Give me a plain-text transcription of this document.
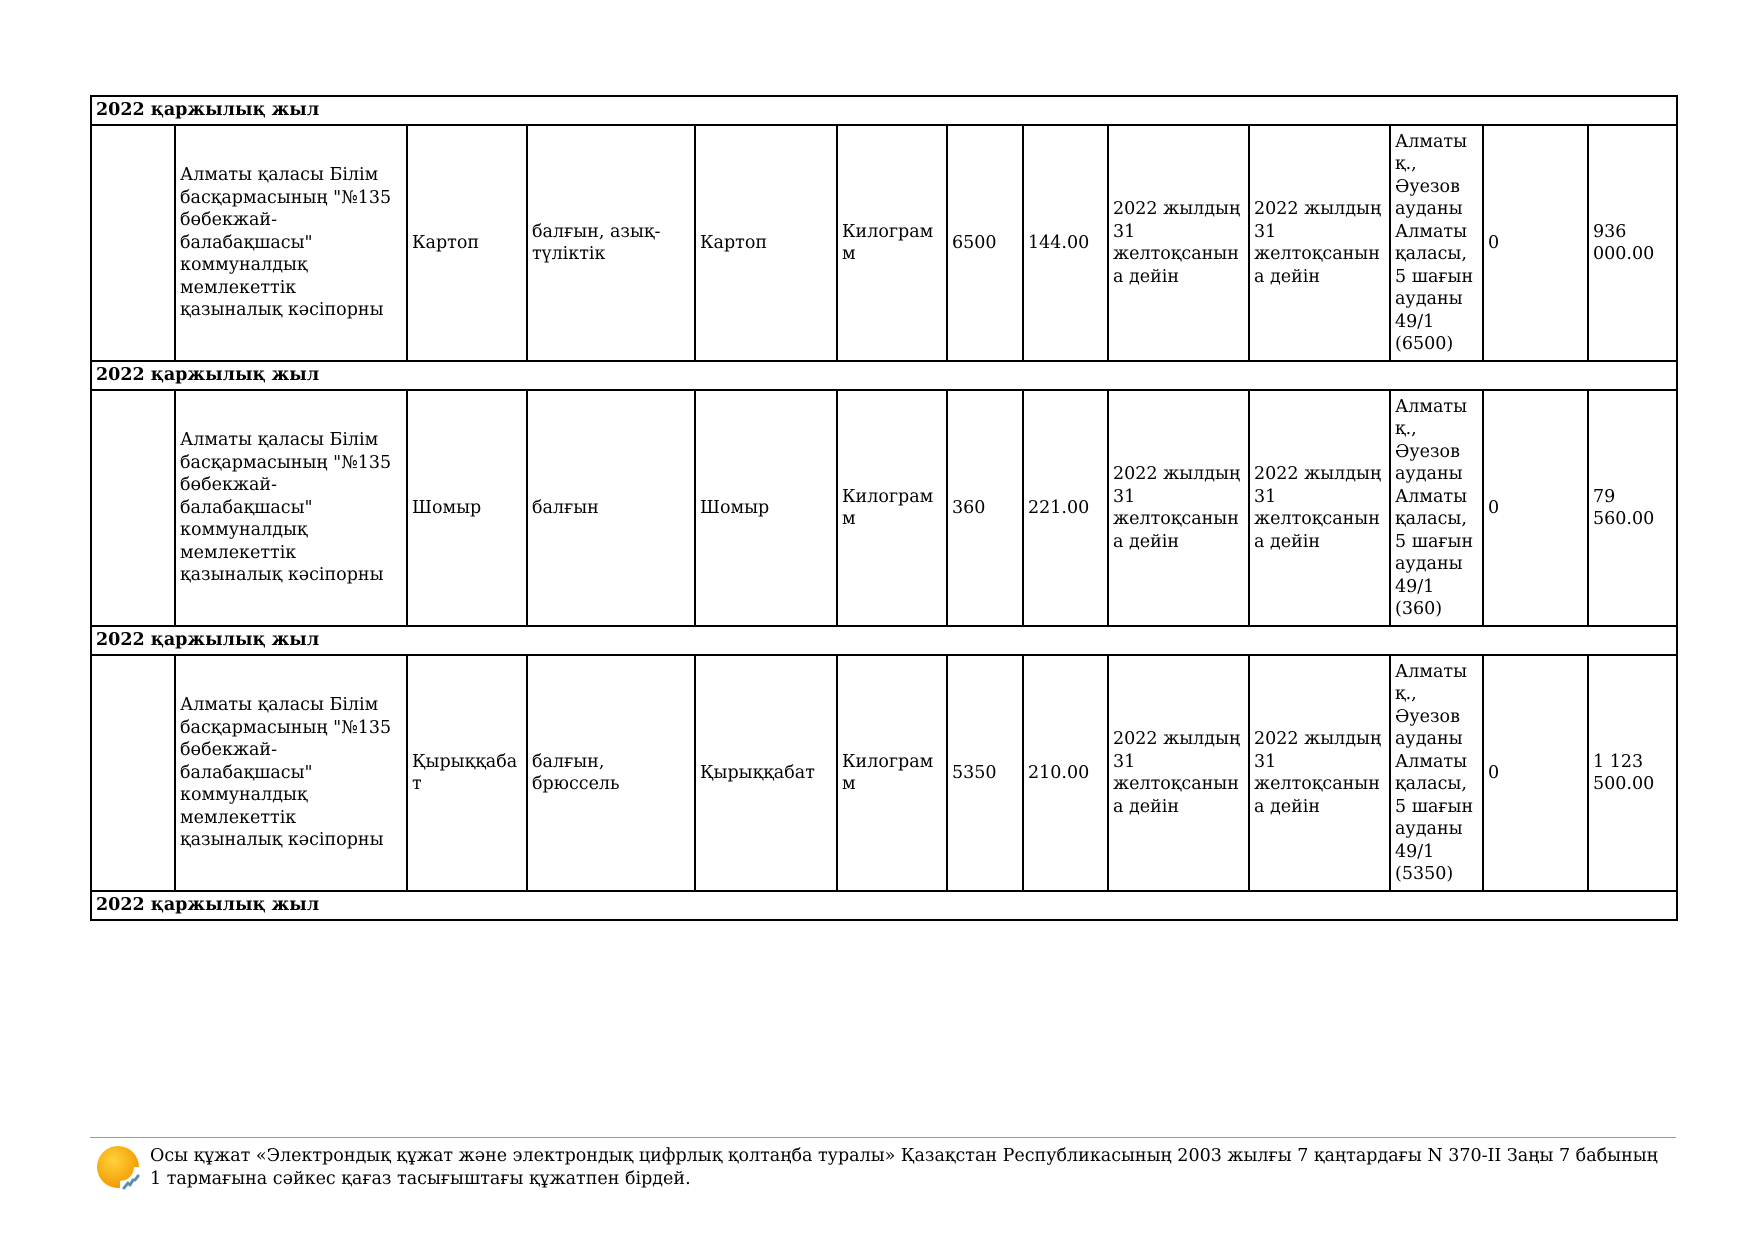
2022 қаржылық жыл												
	Алматы қаласы Білім басқармасының "№135 бөбекжай-балабақшасы" коммуналдық мемлекеттік қазыналық кәсіпорны	Картоп	балғын, азық-түліктік	Картоп	Килограмм	6500	144.00	2022 жылдың 31 желтоқсанына дейін	2022 жылдың 31 желтоқсанына дейін	Алматы қ., Әуезов ауданы Алматы қаласы, 5 шағын ауданы 49/1 (6500)	0	936 000.00
2022 қаржылық жыл												
	Алматы қаласы Білім басқармасының "№135 бөбекжай-балабақшасы" коммуналдық мемлекеттік қазыналық кәсіпорны	Шомыр	балғын	Шомыр	Килограмм	360	221.00	2022 жылдың 31 желтоқсанына дейін	2022 жылдың 31 желтоқсанына дейін	Алматы қ., Әуезов ауданы Алматы қаласы, 5 шағын ауданы 49/1 (360)	0	79 560.00
2022 қаржылық жыл												
	Алматы қаласы Білім басқармасының "№135 бөбекжай-балабақшасы" коммуналдық мемлекеттік қазыналық кәсіпорны	Қырыққабат	балғын, брюссель	Қырыққабат	Килограмм	5350	210.00	2022 жылдың 31 желтоқсанына дейін	2022 жылдың 31 желтоқсанына дейін	Алматы қ., Әуезов ауданы Алматы қаласы, 5 шағын ауданы 49/1 (5350)	0	1 123 500.00
2022 қаржылық жыл												
Осы құжат «Электрондық құжат және электрондық цифрлық қолтаңба туралы» Қазақстан Республикасының 2003 жылғы 7 қаңтардағы N 370-II Заңы 7 бабының 1 тармағына сәйкес қағаз тасығыштағы құжатпен бірдей.
